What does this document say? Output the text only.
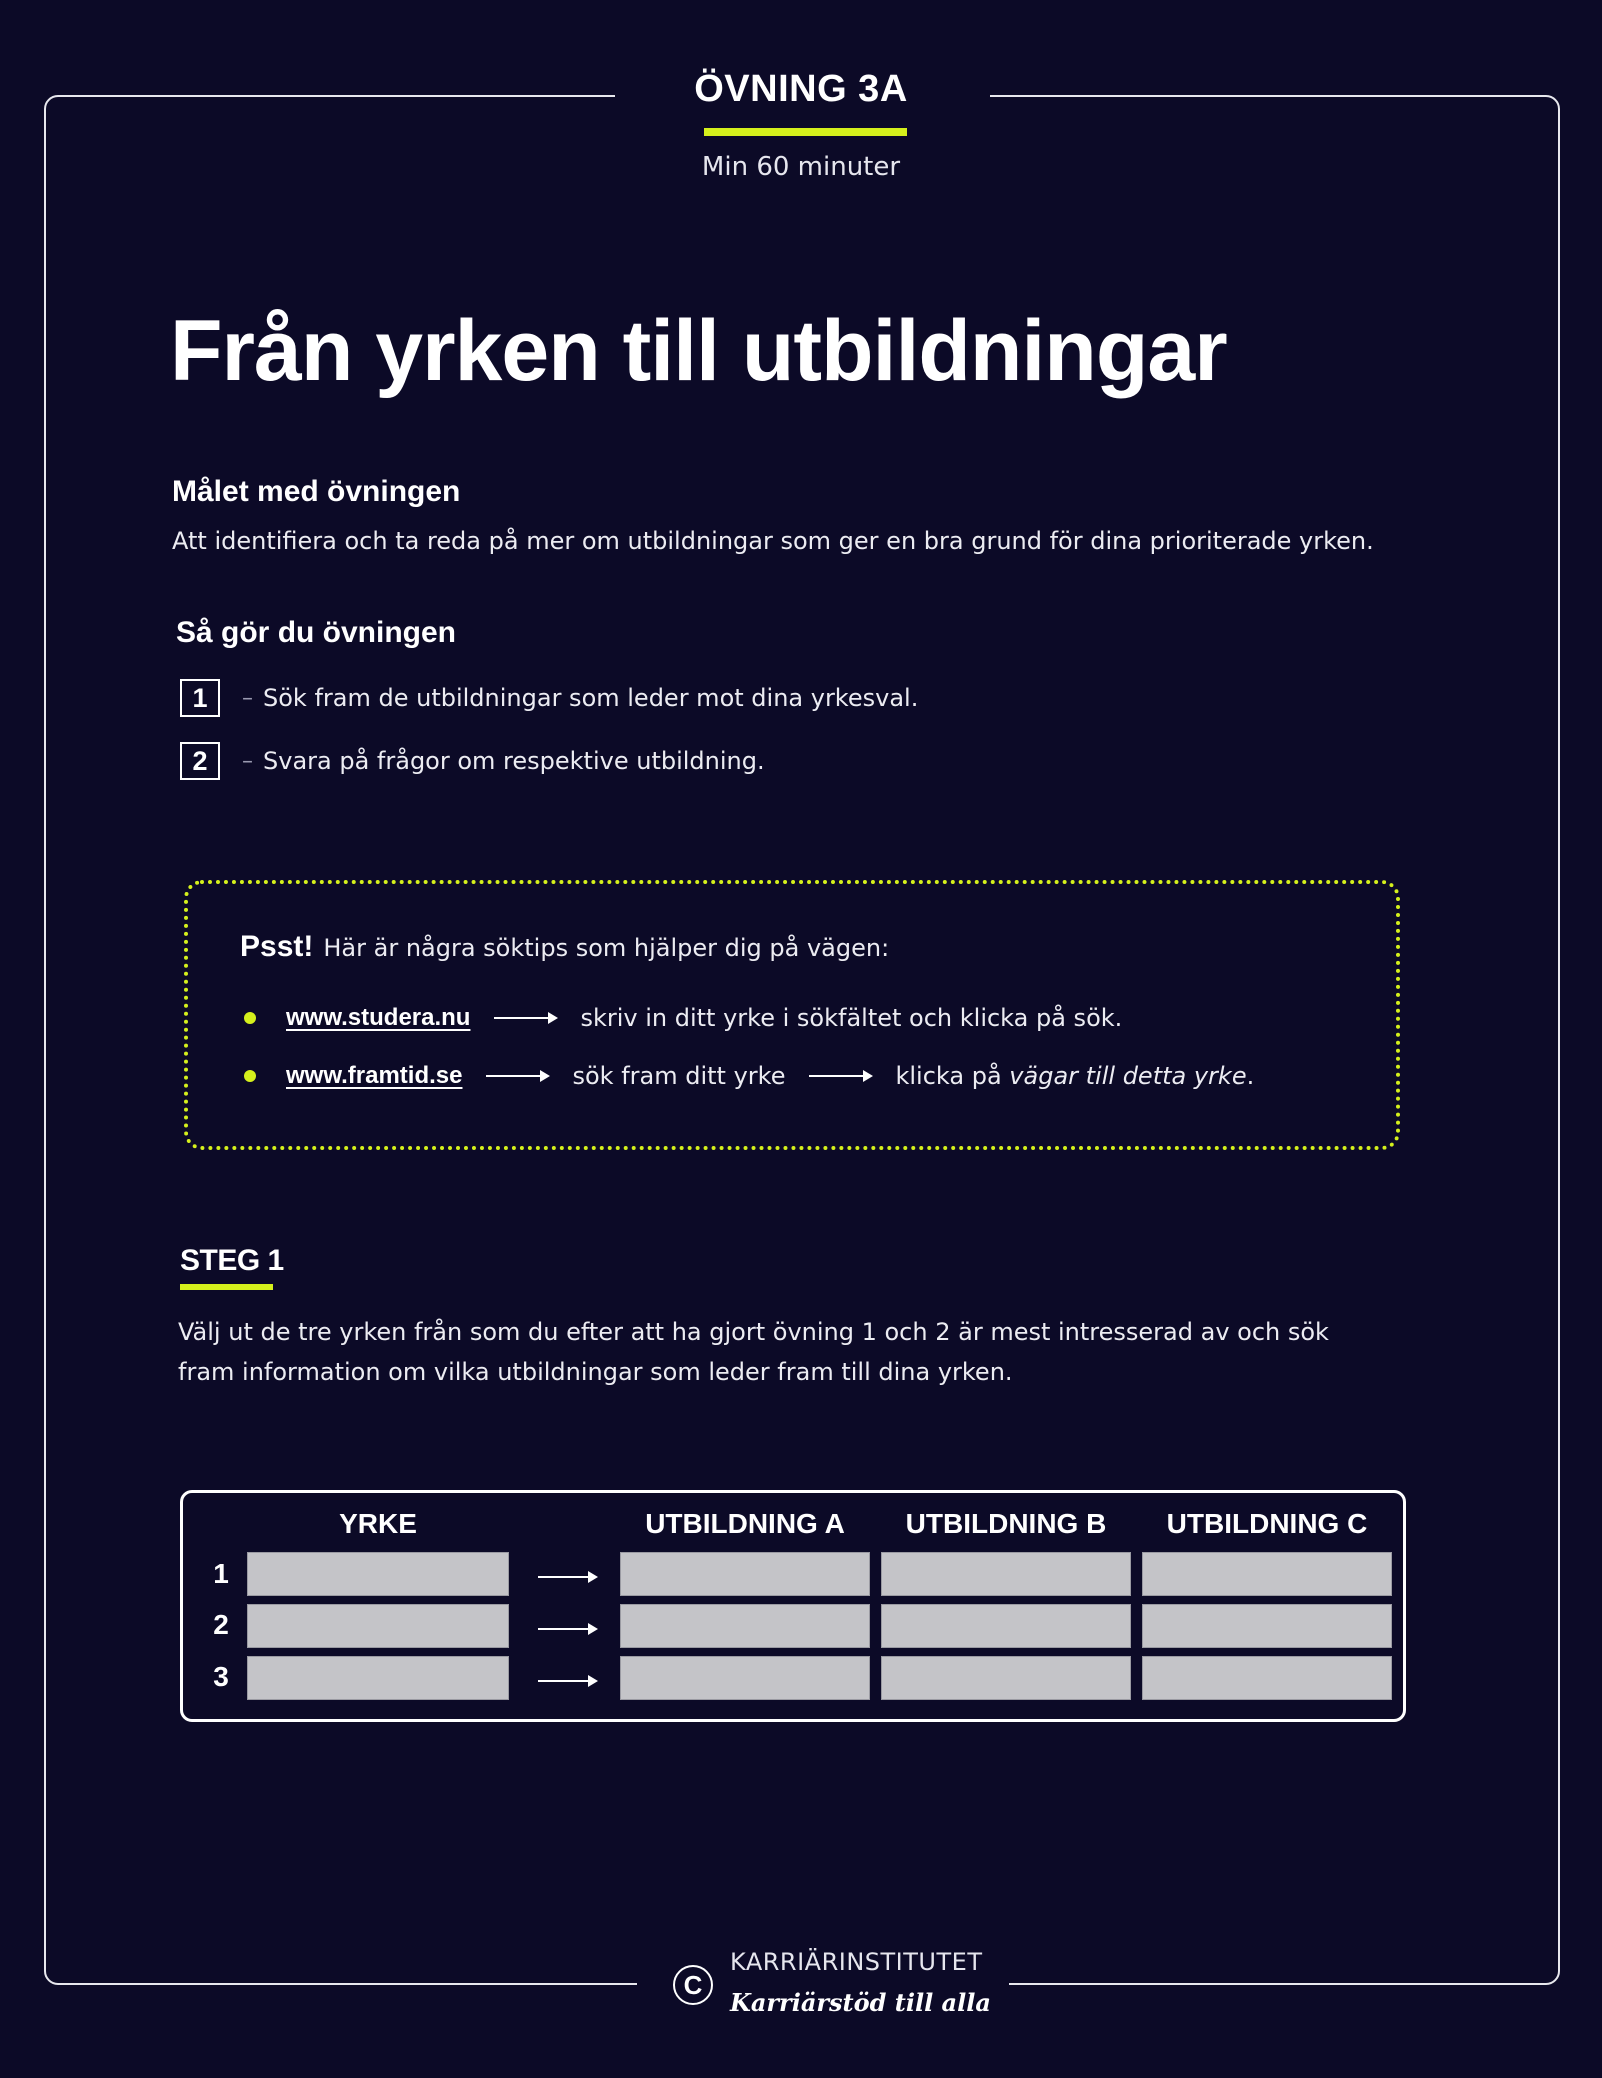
ÖVNING 3A
Min 60 minuter
Från yrken till utbildningar
Målet med övningen
Att identifiera och ta reda på mer om utbildningar som ger en bra grund för dina prioriterade yrken.
Så gör du övningen
1	– Sök fram de utbildningar som leder mot dina yrkesval.
2	– Svara på frågor om respektive utbildning.
Psst! Här är några söktips som hjälper dig på vägen:
www.studera.nu	skriv in ditt yrke i sökfältet och klicka på sök.
www.framtid.se	sök fram ditt yrke	klicka på vägar till detta yrke.
STEG 1
Välj ut de tre yrken från som du efter att ha gjort övning 1 och 2 är mest intresserad av och sök
fram information om vilka utbildningar som leder fram till dina yrken.
YRKE	UTBILDNING A	UTBILDNING B	UTBILDNING C
1
2
3
C
KARRIÄRINSTITUTET
Karriärstöd till alla
